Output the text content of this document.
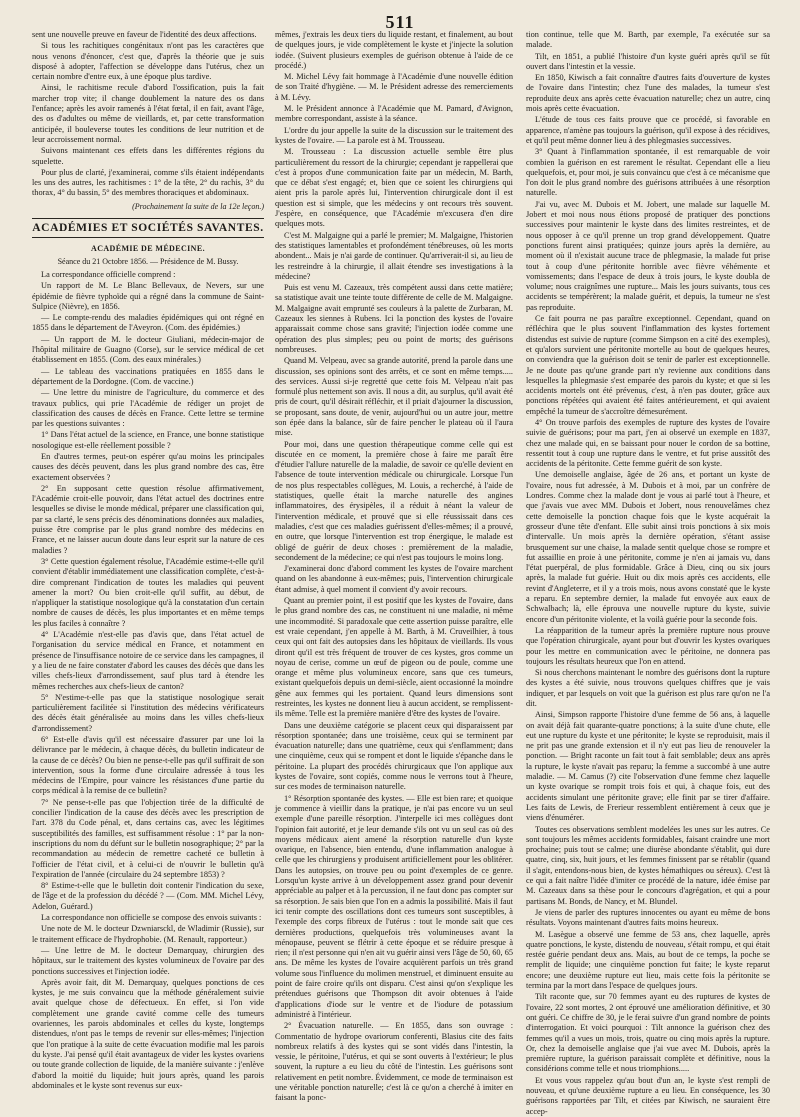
511

sent une nouvelle preuve en faveur de l'identité des deux affections.

Si tous les rachitiques congénitaux n'ont pas les caractères que nous venons d'énoncer, c'est que, d'après la théorie que je suis disposé à adopter, l'affection se développe dans l'utérus, chez un certain nombre d'entre eux, à une époque plus tardive.

Ainsi, le rachitisme recule d'abord l'ossification, puis la fait marcher trop vite; il change doublement la nature des os dans l'enfance; après les avoir ramenés à l'état fœtal, il en fait, avant l'âge, des os d'adultes ou même de vieillards, et, par cette transformation anticipée, il bouleverse toutes les conditions de leur nutrition et de leur accroissement normal.

Suivons maintenant ces effets dans les différentes régions du squelette.

Pour plus de clarté, j'examinerai, comme s'ils étaient indépendants les uns des autres, les rachitismes : 1° de la tête, 2° du rachis, 3° du thorax, 4° du bassin, 5° des membres thoraciques et abdominaux.

(Prochainement la suite de la 12e leçon.)
ACADÉMIES ET SOCIÉTÉS SAVANTES.
ACADÉMIE DE MÉDECINE.
Séance du 21 Octobre 1856. — Présidence de M. Bussy.

La correspondance officielle comprend :

Un rapport de M. Le Blanc Bellevaux, de Nevers, sur une épidémie de fièvre typhoïde qui a régné dans la commune de Saint-Sulpice (Nièvre), en 1856.

— Le compte-rendu des maladies épidémiques qui ont régné en 1855 dans le département de l'Aveyron. (Com. des épidémies.)

— Un rapport de M. le docteur Giuliani, médecin-major de l'hôpital militaire de Guagno (Corse), sur le service médical de cet établissement en 1855. (Com. des eaux minérales.)

— Le tableau des vaccinations pratiquées en 1855 dans le département de la Dordogne. (Com. de vaccine.)

— Une lettre du ministre de l'agriculture, du commerce et des travaux publics, qui prie l'Académie de rédiger un projet de classification des causes de décès en France. Cette lettre se termine par les questions suivantes :

1° Dans l'état actuel de la science, en France, une bonne statistique nosologique est-elle réellement possible ?

En d'autres termes, peut-on espérer qu'au moins les principales causes des décès peuvent, dans les plus grand nombre des cas, être exactement observées ?

2° En supposant cette question résolue affirmativement, l'Académie croit-elle pouvoir, dans l'état actuel des doctrines entre lesquelles se divise le monde médical, préparer une classification qui, par sa clarté, le sens précis des dénominations données aux maladies, puisse être comprise par le plus grand nombre des médecins en France, et ne laisser aucun doute dans leur esprit sur la nature de ces maladies ?

3° Cette question également résolue, l'Académie estime-t-elle qu'il convient d'établir immédiatement une classification complète, c'est-à-dire comprenant l'indication de toutes les maladies qui peuvent amener la mort? Ou bien croit-elle qu'il suffit, au début, de n'appliquer la statistique nosologique qu'à la constatation d'un certain nombre de causes de décès, les plus importantes et en même temps les plus faciles à connaître ?

4° L'Académie n'est-elle pas d'avis que, dans l'état actuel de l'organisation du service médical en France, et notamment en présence de l'insuffisance notoire de ce service dans les campagnes, il y a lieu de ne faire constater d'abord les causes des décès que dans les villes chefs-lieux d'arrondissement, sauf plus tard à étendre les mêmes recherches aux chefs-lieux de canton?

5° N'estime-t-elle pas que la statistique nosologique serait particulièrement facilitée si l'institution des médecins vérificateurs des décès était généralisée au moins dans les villes chefs-lieux d'arrondissement?

6° Est-elle d'avis qu'il est nécessaire d'assurer par une loi la délivrance par le médecin, à chaque décès, du bulletin indicateur de la cause de ce décès? Ou bien ne pense-t-elle pas qu'il suffirait de son intervention, sous la forme d'une circulaire adressée à tous les médecins de l'Empire, pour vaincre les résistances d'une partie du corps médical à la remise de ce bulletin?

7° Ne pense-t-elle pas que l'objection tirée de la difficulté de concilier l'indication de la cause des décès avec les prescription de l'art. 378 du Code pénal, et, dans certains cas, avec les légitimes susceptibilités des familles, est suffisamment résolue : 1° par la non-inscriptions du nom du défunt sur le bulletin nosographique; 2° par la recommandation au médecin de remettre cacheté ce bulletin à l'officier de l'état civil, et à celui-ci de n'ouvrir le bulletin qu'à l'expiration de l'année (circulaire du 24 septembre 1853) ?

8° Estime-t-elle que le bulletin doit contenir l'indication du sexe, de l'âge et de la profession du décédé ? — (Com. MM. Michel Lévy, Adelon, Guérard.)

La correspondance non officielle se compose des envois suivants :

Une note de M. le docteur Dzwniarsckl, de Wladimir (Russie), sur le traitement efficace de l'hydrophobie. (M. Renault, rapporteur.)

— Une lettre de M. le docteur Demarquay, chirurgien des hôpitaux, sur le traitement des kystes volumineux de l'ovaire par des ponctions successives et l'injection iodée.

Après avoir fait, dit M. Demarquay, quelques ponctions de ces kystes, je me suis convaincu que la méthode généralement suivie avait quelque chose de défectueux. En effet, si l'on vide complètement une grande cavité comme celle des tumeurs ovariennes, les parois abdominales et celles du kyste, longtemps distendues, n'ont pas le temps de revenir sur elles-mêmes; l'injection que l'on pratique à la suite de cette évacuation modifie mal les parois du kyste. J'ai pensé qu'il était avantageux de vider les kystes ovariens ou toute grande collection de liquide, de la manière suivante : j'enlève d'abord la moitié du liquide; huit jours après, quand les parois abdominales et le kyste sont revenus sur eux-

mêmes, j'extrais les deux tiers du liquide restant, et finalement, au bout de quelques jours, je vide complètement le kyste et j'injecte la solution iodée. (Suivent plusieurs exemples de guérison obtenue à l'aide de ce procédé.)

M. Michel Lévy fait hommage à l'Académie d'une nouvelle édition de son Traité d'hygiène. — M. le Président adresse des remerciements à M. Lévy.

M. le Président annonce à l'Académie que M. Pamard, d'Avignon, membre correspondant, assiste à la séance.

L'ordre du jour appelle la suite de la discussion sur le traitement des kystes de l'ovaire. — La parole est à M. Trousseau.

M. Trousseau : La discussion actuelle semble être plus particulièrement du ressort de la chirurgie; cependant je rappellerai que c'est à propos d'une communication faite par un médecin, M. Barth, que ce débat s'est engagé; et, bien que ce soient les chirurgiens qui aient pris la parole après lui, l'intervention chirurgicale dont il est question est si simple, que les médecins y ont recours très souvent. J'espère, en conséquence, que l'Académie m'excusera d'en dire quelques mots.

C'est M. Malgaigne qui a parlé le premier; M. Malgaigne, l'historien des statistiques lamentables et profondément ténébreuses, où les morts abondent... Mais je n'ai garde de continuer. Qu'arriverait-il si, au lieu de les restreindre à la chirurgie, il allait étendre ses investigations à la médecine?

Puis est venu M. Cazeaux, très compétent aussi dans cette matière; sa statistique avait une teinte toute différente de celle de M. Malgaigne. M. Malgaigne avait emprunté ses couleurs à la palette de Zurbaran, M. Cazeaux les siennes à Rubens. Ici la ponction des kystes de l'ovaire apparaissait comme chose sans gravité; l'injection iodée comme une opération des plus simples; peu ou point de morts; des guérisons nombreuses.

Quand M. Velpeau, avec sa grande autorité, prend la parole dans une discussion, ses opinions sont des arrêts, et ce sont en même temps..... des services. Aussi si-je regretté que cette fois M. Velpeau n'ait pas formulé plus nettement son avis. Il nous a dit, au surplus, qu'il avait été pris de court, qu'il désirait réfléchir, et il priait d'ajourner la discussion, se proposant, sans doute, de venir, aujourd'hui ou un autre jour, mettre son épée dans la balance, sûr de faire pencher le plateau où il l'aura mise.

Pour moi, dans une question thérapeutique comme celle qui est discutée en ce moment, la première chose à faire me paraît être d'étudier l'allure naturelle de la maladie, de savoir ce qu'elle devient en l'absence de toute intervention médicale ou chirurgicale. Lorsque l'un de nos plus respectables collègues, M. Louis, a recherché, à l'aide de statistiques, quelle était la marche naturelle des angines inflammatoires, des érysipèles, il a réduit à néant la valeur de l'intervention médicale, et prouvé que si elle réussissait dans ces maladies, c'est que ces maladies guérissent d'elles-mêmes; il a prouvé, en outre, que lorsque l'intervention est trop énergique, le malade est obligé de guérir de deux choses : premièrement de la maladie, secondement de la médecine; ce qui n'est pas toujours le moins long.

J'examinerai donc d'abord comment les kystes de l'ovaire marchent quand on les abandonne à eux-mêmes; puis, l'intervention chirurgicale étant admise, à quel moment il convient d'y avoir recours.

Quant au premier point, il est positif que les kystes de l'ovaire, dans le plus grand nombre des cas, ne constituent ni une maladie, ni même une incommodité. Si paradoxale que cette assertion puisse paraître, elle est vraie cependant, j'en appelle à M. Barth, à M. Cruveilhier, à tous ceux qui ont fait des autopsies dans les hôpitaux de vieillards. Ils vous diront qu'il est très fréquent de trouver de ces kystes, gros comme un noyau de cerise, comme un œuf de pigeon ou de poule, comme une orange et même plus volumineux encore, sans que ces tumeurs, existant quelquefois depuis un demi-siècle, aient occasionné la moindre gêne aux femmes qui les portaient. Quand leurs dimensions sont restreintes, les kystes ne donnent lieu à aucun accident, se remplissent-ils même. Telle est la première manière d'être des kystes de l'ovaire.

Dans une deuxième catégorie se placent ceux qui disparaissent par résorption spontanée; dans une troisième, ceux qui se terminent par évacuation naturelle; dans une quatrième, ceux qui s'enflamment; dans une cinquième, ceux qui se rompent et dont le liquide s'épanche dans le péritoine. La plupart des procédés chirurgicaux que l'on applique aux kystes de l'ovaire, sont copiés, comme nous le verrons tout à l'heure, sur ces modes de terminaison naturelle.

1° Résorption spontanée des kystes. — Elle est bien rare; et quoique je commence à vieillir dans la pratique, je n'ai pas encore vu un seul exemple d'une pareille résorption. J'interpelle ici mes collègues dont l'opinion fait autorité, et je leur demande s'ils ont vu un seul cas où des moyens médicaux aient amené la résorption naturelle d'un kyste ovarique, en l'absence, bien entendu, d'une inflammation analogue à celle que les chirurgiens y produisent artificiellement pour les oblitérer. Dans les autopsies, on trouve peu ou point d'exemples de ce genre. Lorsqu'un kyste arrive à un développement assez grand pour devenir appréciable au palper et à la percussion, il ne faut donc pas compter sur sa résorption. Je sais bien que l'on en a admis la possibilité. Mais il faut ici tenir compte des oscillations dont ces tumeurs sont susceptibles, à l'exemple des corps fibreux de l'utérus : tout le monde sait que ces dernières productions, quelquefois très volumineuses avant la ménopause, peuvent se flétrir à cette époque et se réduire presque à rien; il n'est personne qui n'en ait vu guérir ainsi vers l'âge de 50, 60, 65 ans. De même les kystes de l'ovaire acquièrent parfois un très grand volume sous l'influence du molimen menstruel, et diminuent ensuite au point de faire croire qu'ils ont disparu. C'est ainsi qu'on s'explique les prétendues guérisons que Thompson dit avoir obtenues à l'aide d'applications d'iode sur le ventre et de l'iodure de potassium administré à l'intérieur.

2° Évacuation naturelle. — En 1855, dans son ouvrage : Commentatio de hydrope ovariorum conferenti, Blasius cite des faits nombreux relatifs à des kystes qui se sont vidés dans l'intestin, la vessie, le péritoine, l'utérus, et qui se sont ouverts à l'extérieur; le plus souvent, la rupture a eu lieu du côté de l'intestin. Les guérisons sont relativement en petit nombre. Évidemment, ce mode de terminaison est une véritable ponction naturelle; c'est là ce qu'on a cherché à imiter en faisant la ponc-

tion continue, telle que M. Barth, par exemple, l'a exécutée sur sa malade.

Tilt, en 1851, a publié l'histoire d'un kyste guéri après qu'il se fût ouvert dans l'intestin et la vessie.

En 1850, Kiwisch a fait connaître d'autres faits d'ouverture de kystes de l'ovaire dans l'intestin; chez l'une des malades, la tumeur s'est reproduite deux ans après cette évacuation naturelle; chez un autre, cinq mois après cette évacuation.

L'étude de tous ces faits prouve que ce procédé, si favorable en apparence, n'amène pas toujours la guérison, qu'il expose à des récidives, et qu'il peut même donner lieu à des phlegmasies successives.

3° Quant à l'inflammation spontanée, il est remarquable de voir combien la guérison en est rarement le résultat. Cependant elle a lieu quelquefois, et, pour moi, je suis convaincu que c'est à ce mécanisme que l'on doit le plus grand nombre des guérisons attribuées à une résorption naturelle.

J'ai vu, avec M. Dubois et M. Jobert, une malade sur laquelle M. Jobert et moi nous nous étions proposé de pratiquer des ponctions successives pour maintenir le kyste dans des limites restreintes, et de nous opposer à ce qu'il prenne un trop grand développement. Quatre ponctions furent ainsi pratiquées; quinze jours après la dernière, au moment où il n'existait aucune trace de phlegmasie, la malade fut prise tout à coup d'une péritonite horrible avec fièvre véhémente et vomissements; dans l'espace de deux à trois jours, le kyste doubla de volume; nous craignîmes une rupture... Mais les jours suivants, tous ces accidents se tempérèrent; la malade guérit, et depuis, la tumeur ne s'est pas reproduite.

Ce fait pourra ne pas paraître exceptionnel. Cependant, quand on réfléchira que le plus souvent l'inflammation des kystes fortement distendus est suivie de rupture (comme Simpson en a cité des exemples), et qu'alors survient une péritonite mortelle au bout de quelques heures, on conviendra que la guérison doit se tenir de parler est exceptionnelle. Je ne doute pas qu'une grande part n'y revienne aux conditions dans lesquelles la phlegmasie s'est emparée des parois du kyste; et que si les accidents mortels ont été prévenus, c'est, à n'en pas douter, grâce aux ponctions répétées qui avaient été faites antérieurement, et qui avaient empêché la tumeur de s'accroître démesurément.

4° On trouve parfois des exemples de rupture des kystes de l'ovaire suivie de guérisons; pour ma part, j'en ai observé un exemple en 1837, chez une malade qui, en se baissant pour nouer le cordon de sa bottine, ressentit tout à coup une rupture dans le ventre, et fut prise aussitôt des accidents de la péritonite. Cette femme guérit de son kyste.

Une demoiselle anglaise, âgée de 26 ans, et portant un kyste de l'ovaire, nous fut adressée, à M. Dubois et à moi, par un confrère de Londres. Comme chez la malade dont je vous ai parlé tout à l'heure, et que j'avais vue avec MM. Dubois et Jobert, nous renouvelâmes chez cette demoiselle la ponction chaque fois que le kyste acquérait la grosseur d'une tête d'enfant. Elle subit ainsi trois ponctions à six mois d'intervalle. Un mois après la dernière opération, s'étant assise brusquement sur une chaise, la malade sentit quelque chose se rompre et fut assaillie en proie à une péritonite, comme je n'en ai jamais vu, dans l'état puerpéral, de plus formidable. Grâce à Dieu, cinq ou six jours après, la malade fut guérie. Huit ou dix mois après ces accidents, elle revint d'Angleterre, et il y a trois mois, nous avons constaté que le kyste a reparu. En septembre dernier, la malade fut envoyée aux eaux de Schwalbach; là, elle éprouva une nouvelle rupture du kyste, suivie encore d'un péritonite violente, et la voilà guérie pour la seconde fois.

La réapparition de la tumeur après la première rupture nous prouve que l'opération chirurgicale, ayant pour but d'ouvrir les kystes ovariques pour les mettre en communication avec le péritoine, ne donnera pas toujours les résultats heureux que l'on en attend.

Si nous cherchons maintenant le nombre des guérisons dont la rupture des kystes a été suivie, nous trouvons quelques chiffres que je vais indiquer, et par lesquels on voit que la guérison est plus rare qu'on ne l'a dit.

Ainsi, Simpson rapporte l'histoire d'une femme de 56 ans, à laquelle on avait déjà fait quarante-quatre ponctions; à la suite d'une chute, elle eut une rupture du kyste et une péritonite; le kyste se reproduisit, mais il ne prit pas une grande extension et il n'y eut pas lieu de renouveler la ponction. — Bright raconte un fait tout à fait semblable; deux ans après la rupture, le kyste n'avait pas reparu; la femme a succombé à une autre maladie. — M. Camus (?) cite l'observation d'une femme chez laquelle un kyste ovarique se rompit trois fois et qui, à chaque fois, eut des accidents simulant une péritonite grave; elle finit par se tirer d'affaire. Les faits de Lewis, de Frerieur ressemblent entièrement à ceux que je viens d'énumérer.

Toutes ces observations semblent modelées les unes sur les autres. Ce sont toujours les mêmes accidents formidables, faisant craindre une mort prochaine; puis tout se calme; une diurèse abondante s'établit, qui dure quatre, cinq, six, huit jours, et les femmes finissent par se rétablir (quand il s'agit, entendons-nous bien, de kystes hémathiques ou séreux). C'est là ce qui a fait naître l'idée d'imiter ce procédé de la nature, idée émise par M. Cazeaux dans sa thèse pour le concours d'agrégation, et qui a pour partisans M. Bonds, de Nancy, et M. Blundel.

Je viens de parler des ruptures innocentes ou ayant eu même de bons résultats. Voyons maintenant d'autres faits moins heureux.

M. Lasègue a observé une femme de 53 ans, chez laquelle, après quatre ponctions, le kyste, distendu de nouveau, s'était rompu, et qui était restée guérie pendant deux ans. Mais, au bout de ce temps, la poche se remplit de liquide; une cinquième ponction fut faite; le kyste reparut encore; une deuxième rupture eut lieu, mais cette fois la péritonite se termina par la mort dans l'espace de quelques jours.

Tilt raconte que, sur 70 femmes ayant eu des ruptures de kystes de l'ovaire, 22 sont mortes, 2 ont éprouvé une amélioration définitive, et 30 ont guéri. Ce chiffre de 30, je le ferai suivre d'un grand nombre de points d'interrogation. Et voici pourquoi : Tilt annonce la guérison chez des femmes qu'il a vues un mois, trois, quatre ou cinq mois après la rupture. Or, chez la demoiselle anglaise que j'ai vue avec M. Dubois, après la première rupture, la guérison paraissait complète et définitive, nous la considérions comme telle et nous triomphions.....

Et vous vous rappelez qu'au bout d'un an, le kyste s'est rempli de nouveau, et qu'une deuxième rupture a eu lieu. En conséquence, les 30 guérisons rapportées par Tilt, et citées par Kiwisch, ne sauraient être accep-
